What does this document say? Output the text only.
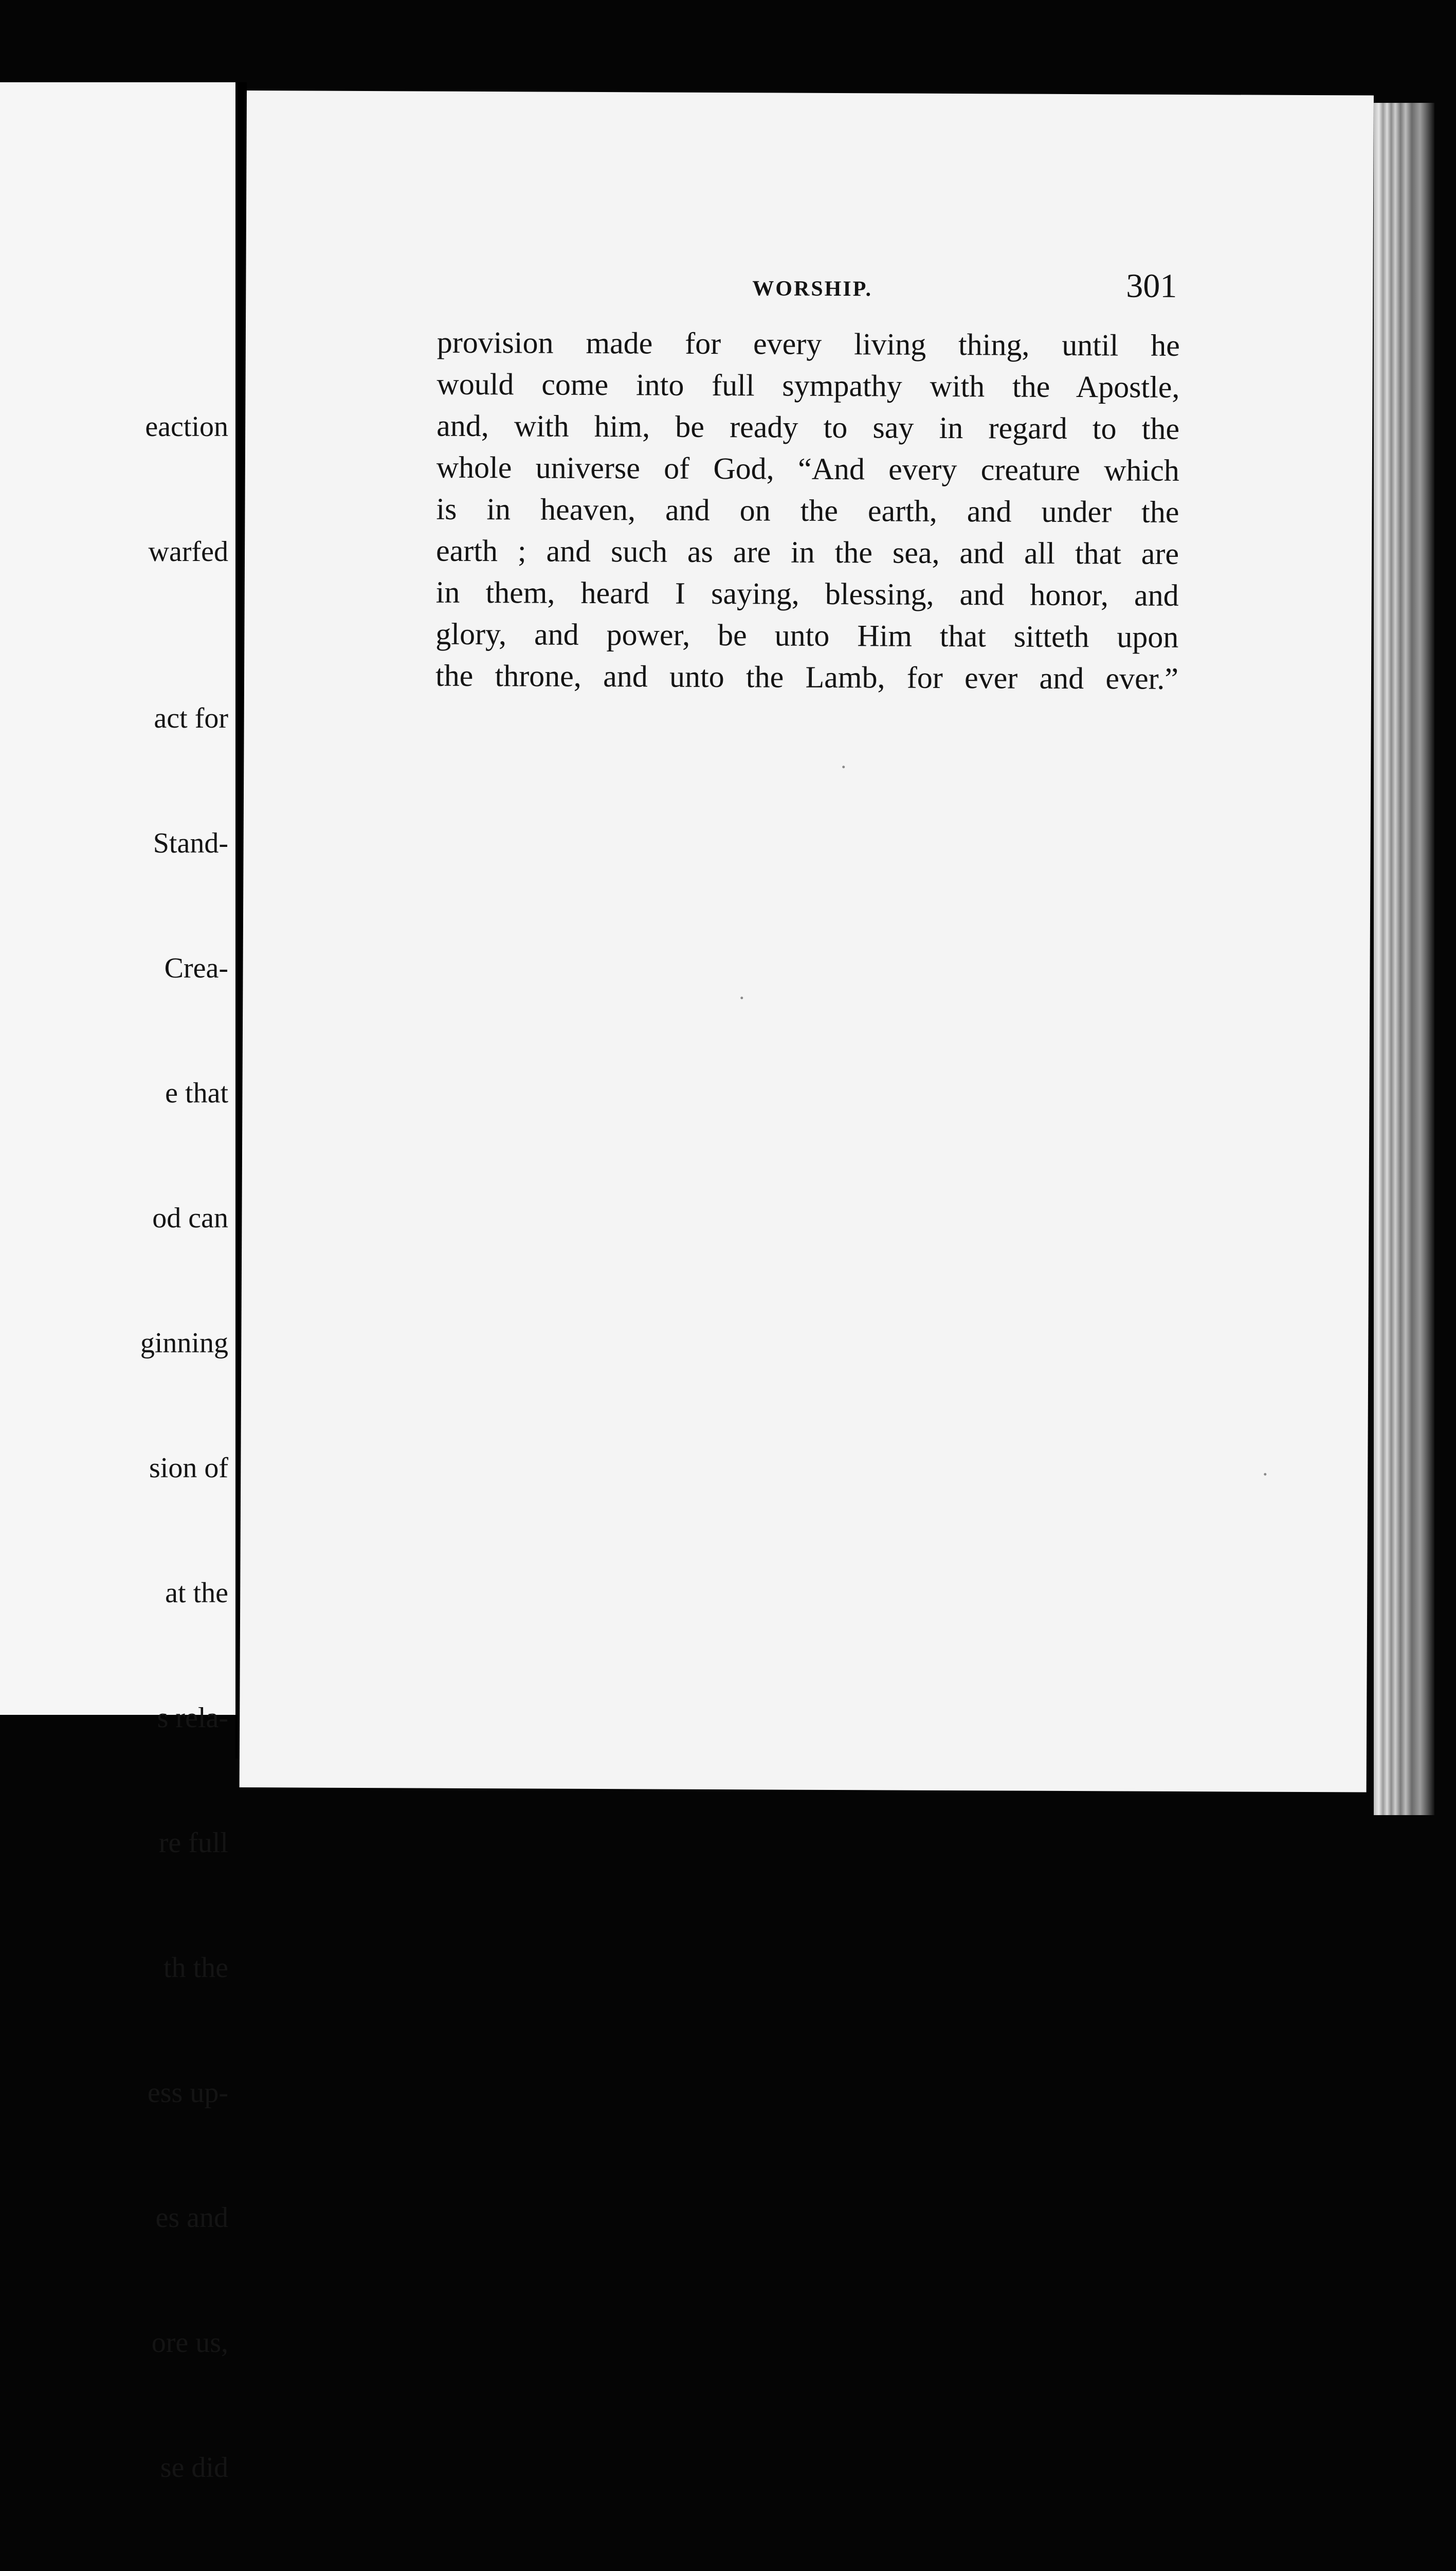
eaction

warfed

act for

Stand-

Crea-

e that

od can

ginning

sion of

at the

s rela-

re full

th the

ess up-

es and

ore us,

se did

WORSHIP.	301
provision made for every living thing, until he
would come into full sympathy with the Apostle,
and, with him, be ready to say in regard to the
whole universe of God, “And every creature which
is in heaven, and on the earth, and under the
earth ; and such as are in the sea, and all that are
in them, heard I saying, blessing, and honor, and
glory, and power, be unto Him that sitteth upon
the throne, and unto the Lamb, for ever and ever.”
